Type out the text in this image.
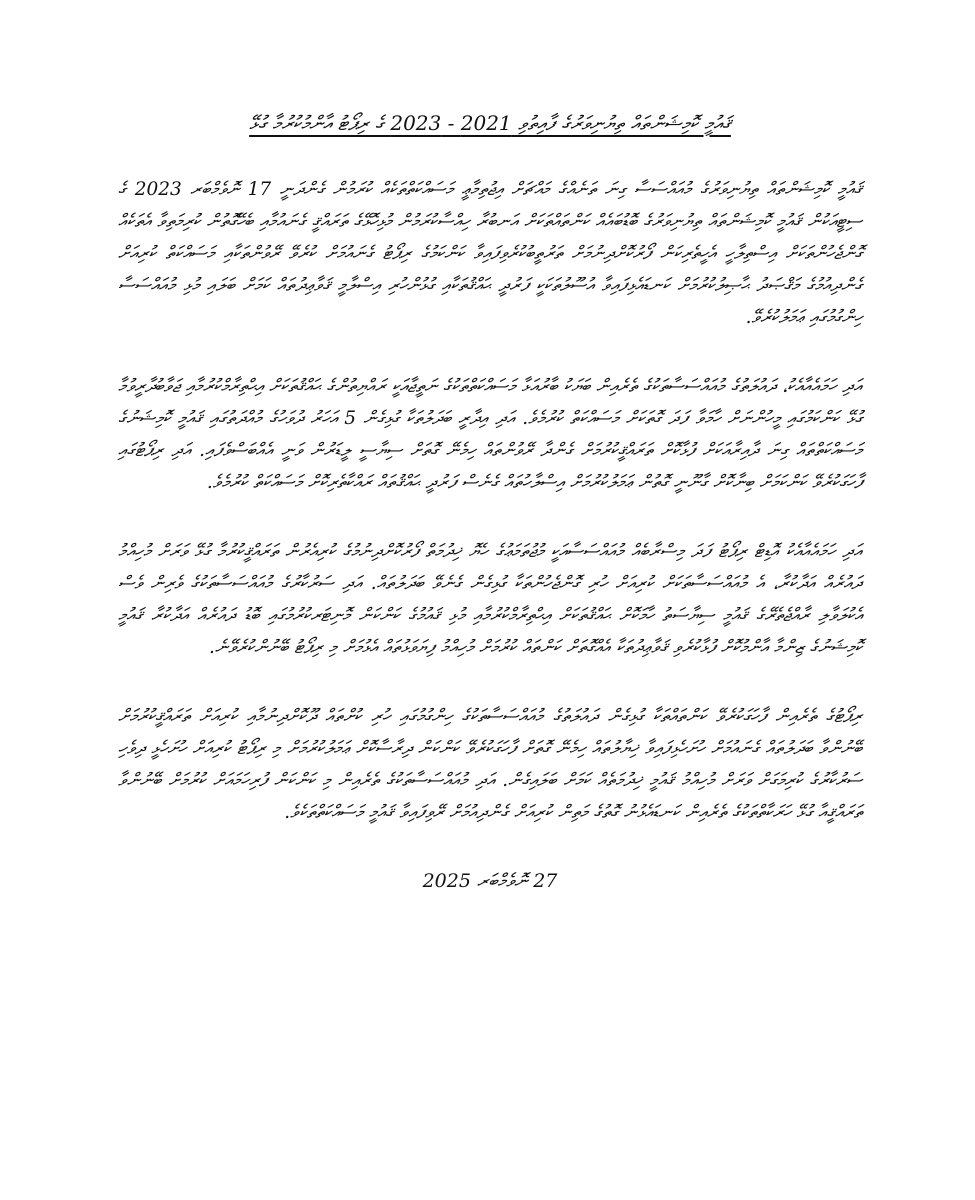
ޤައުމީ ކޮމިޝަންތައް ތިޔުނިވަރުގެ ފާއިތުވި 2021 - 2023 ގެ ރިޕޯޓު އާންމުކުރުމާ ގުޅޭ
ޤައުމީ ކޮމިޝަންތައް ތިޔުނިވަރުގެ މުއައްސަސާ ގިނަ ތަނެއްގެ މައްޗަށް އިޖުތިމާޢީ މަސައްކަތްތަކެއް ކުރަމުން ގެންދަނީ 17 ނޮވެމްބަރ 2023 ގެ ސިޓީއަކުން ޤައުމީ ކޮމިޝަންތައް ތިޔުނިވަރުގެ ބޮޑުބައެއް ކަންތައްތަކަށް އަނބުރާ ހިއްސާކުރަމުން މުޅިހޮޅޭގެ ތަރައްޤީ ގެނައުމާއި ބެހޭގޮތުން ކުރިމަތިވާ އެތަކެއް ގޮންޖެހުންތަކަށް އިސްތިލާހީ އެހީތެރިކަން ފޯރުކޮށްދިނުމަށް ތަރުތީބުކުރެވިފައިވާ ކަންކަމުގެ ރިޕޯޓު ގެނައުމަށް ކުރެވޭ ރޭވުންތަކާއި މަސައްކަތް ކުރިއަށް ގެންދިއުމުގެ މަޤްޞަދު ޙާޞިލުކުރުމަށް ކަނޑައެޅިފައިވާ އުސޫލުތަކަކީ ފަރުދީ ޙައްޤުތަކާއި ގުޅުންހުރި އިސްލާމީ ޤަވާޢިދުތައް ކަމަށް ބަލައި މުޅި މުއައްސަސާ ހިންގުމުގައި ޢަމަލުކުރެވޭ.
އަދި ހަމައެއާއެކު، ދައުލަތުގެ މުއައްސަސާތަކުގެ ތެރެއިން ބަޔަކު ބާރުއަޅާ މަސައްކަތްތަކުގެ ނަތީޖާއަކީ ރައްޔިތުންގެ ޙައްޤުތަކަށް އިޙްތިރާމްކުރުމާއި ޖަވާބުދާރީވުމާ ގުޅޭ ކަންކަމުގައި މީހުންނަށް ހާމަވާ ފަދަ ގޮތަކަށް މަސައްކަތް ކުރުމެވެ. އަދި އިދާރީ ބަދަލުތަކާ ގުޅިގެން 5 އަހަރު ދުވަހުގެ މުއްދަތުގައި ޤައުމީ ކޮމިޝަނުގެ މަސައްކަތްތައް ގިނަ ދާއިރާއަކަށް ފުޅާކޮށް ތަރައްޤީކުރުމަށް ގެންދާ ރޭވުންތައް ހިމެނޭ ގޮތަށް ސިޔާސީ ލީޑަރުން ވަނީ އެއްބަސްވެފައި. އަދި ރިޕޯޓުގައި ފާހަގަކުރެވޭ ކަންކަމަށް ބިނާކޮށް ގާނޫނީ ގޮތުން ޢަމަލުކުރުމަށް އިސްލާހުތައް ގެނެސް ފަރުދީ ޙައްޤުތައް ރައްކާތެރިކޮށް މަސައްކަތް ކުރުމެވެ.
އަދި ހަމައެއާއެކު އޮޑިޓް ރިޕޯޓު ފަދަ މިސްރާބެއް މުއައްސަސާއަކީ މުޖުތަމަޢުގެ ހެޔޮ ޚިދުމަތް ފޯރުކޮށްދިނުމުގެ ކުރިއެރުން ތަރައްޤީކުރުމާ ގުޅޭ ވަރަށް މުހިއްމު ދައުރެއް އަދާކުރާ، އެ މުއައްސަސާތަކަށް ކުރިއަށް ހުރި ގޮންޖެހުންތަކާ ގުޅިގެން ގެނެވޭ ބަދަލުތައް. އަދި ސަރުކާރުގެ މުއައްސަސާތަކުގެ ވެރިން ވެސް އެކުލަވާލި ރާއްޖެތެރޭގެ ޤައުމީ ސިޔާސަތު ހާމަކޮށް ޙައްޤުތަކަށް އިޙްތިރާމްކުރުމާއި މުޅި ޤައުމުގެ ކަންކަން މޮނިޓަރކުރުމުގައި ބޮޑު ދައުރެއް އަދާކުރާ ޤައުމީ ކޮމިޝަނުގެ ޒިންމާ އާންމުކޮށް ފުޅާކުރެވި ޤަވާޢިދުތަކާ އެއްގޮތަށް ކަންތައް ކުރުމަށް މުހިއްމު ފިޔަވަޅުތައް އެޅުމަށް މި ރިޕޯޓު ބޭނުންކުރެވޭނެ.
ރިޕޯޓުގެ ތެރެއިން ފާހަގަކުރެވޭ ކަންތައްތަކާ ގުޅިގެން ދައުލަތުގެ މުއައްސަސާތަކުގެ ހިންގުމުގައި ހުރި ކުށްތައް ދޫކޮށްދިނުމާއި ކުރިއަށް ތަރައްޤީކުރުމަށް ބޭނުންވާ ބަދަލުތައް ގެނައުމަށް ހުށަހެޅިފައިވާ ޚިޔާލުތައް ހިމެނޭ ގޮތަށް ފާހަގަކުރެވޭ ކަންކަން ދިރާސާކޮށް ޢަމަލުކުރުމަށް މި ރިޕޯޓު ކުރިއަށް ހުށަހެޅީ ދިވެހި ސަރުކާރުގެ ކުރިމަގަށް ވަރަށް މުހިއްމު ޤައުމީ ޚިދުމަތެއް ކަމަށް ބަލައިގެން. އަދި މުއައްސަސާތަކުގެ ތެރެއިން މި ކަންކަން ފުރިހަމައަށް ކުރުމަށް ބޭނުންވާ ތަރައްޤީއާ ގުޅޭ ހަރަކާތްތަކުގެ ތެރެއިން ކަނޑައެޅުނު ގޮތުގެ މަތިން ކުރިއަށް ގެންދިއުމަށް ރޭވިފައިވާ ޤައުމީ މަސައްކަތްތަކެވެ.
27 ނޮވެމްބަރ 2025
